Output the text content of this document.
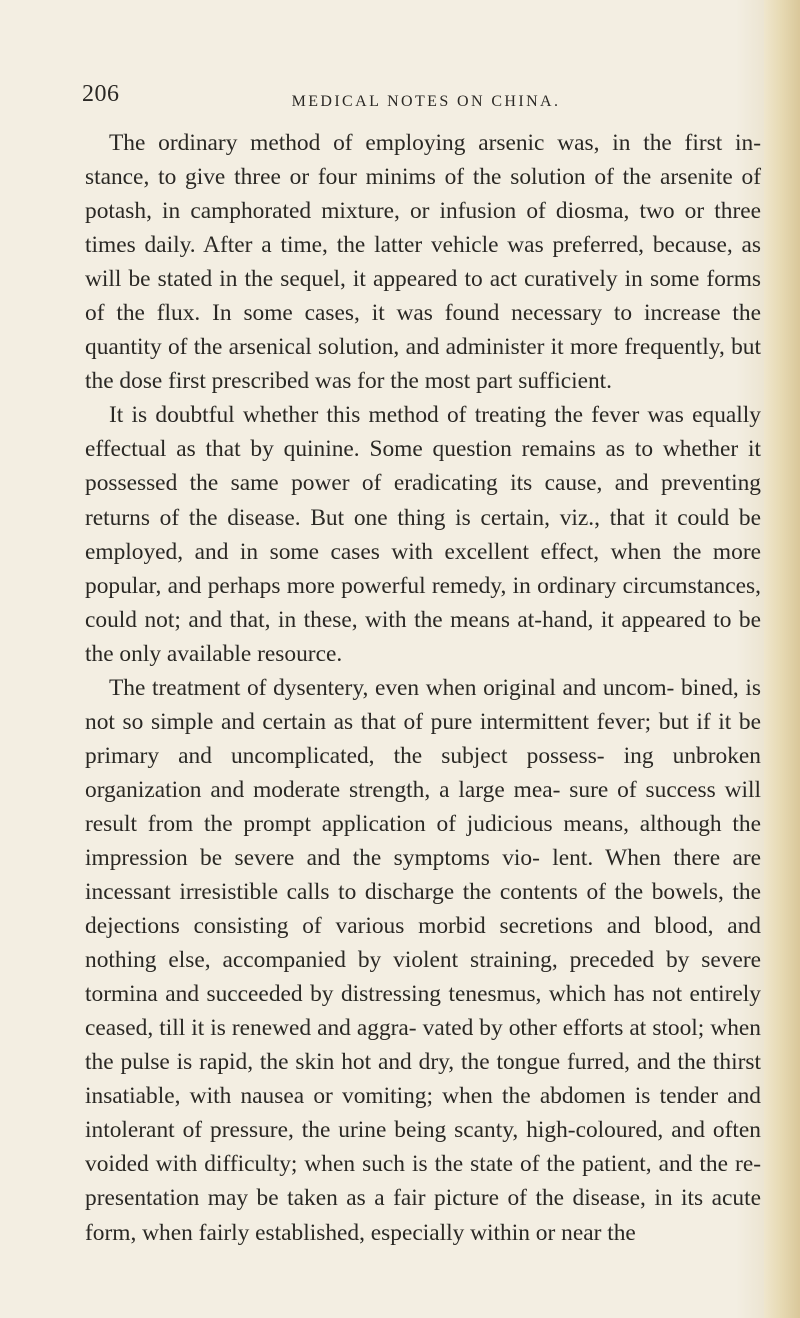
206	MEDICAL NOTES ON CHINA.

The ordinary method of employing arsenic was, in the first in- stance, to give three or four minims of the solution of the arsenite of potash, in camphorated mixture, or infusion of diosma, two or three times daily. After a time, the latter vehicle was preferred, because, as will be stated in the sequel, it appeared to act curatively in some forms of the flux. In some cases, it was found necessary to increase the quantity of the arsenical solution, and administer it more frequently, but the dose first prescribed was for the most part sufficient.

It is doubtful whether this method of treating the fever was equally effectual as that by quinine. Some question remains as to whether it possessed the same power of eradicating its cause, and preventing returns of the disease. But one thing is certain, viz., that it could be employed, and in some cases with excellent effect, when the more popular, and perhaps more powerful remedy, in ordinary circumstances, could not; and that, in these, with the means at-hand, it appeared to be the only available resource.

The treatment of dysentery, even when original and uncom- bined, is not so simple and certain as that of pure intermittent fever; but if it be primary and uncomplicated, the subject possess- ing unbroken organization and moderate strength, a large mea- sure of success will result from the prompt application of judicious means, although the impression be severe and the symptoms vio- lent. When there are incessant irresistible calls to discharge the contents of the bowels, the dejections consisting of various morbid secretions and blood, and nothing else, accompanied by violent straining, preceded by severe tormina and succeeded by distressing tenesmus, which has not entirely ceased, till it is renewed and aggra- vated by other efforts at stool; when the pulse is rapid, the skin hot and dry, the tongue furred, and the thirst insatiable, with nausea or vomiting; when the abdomen is tender and intolerant of pressure, the urine being scanty, high-coloured, and often voided with difficulty; when such is the state of the patient, and the re- presentation may be taken as a fair picture of the disease, in its acute form, when fairly established, especially within or near the
